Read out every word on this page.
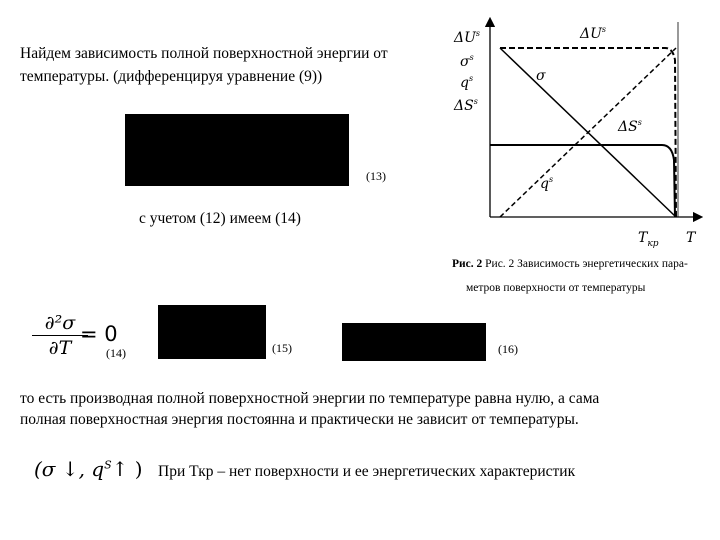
Найдем зависимость полной поверхностной энергии от
температуры. (дифференцируя уравнение (9))
(13)
с учетом (12) имеем (14)
Рис. 2 Рис. 2 Зависимость энергетических пара-
метров поверхности от температуры
∂²σ
∂T
= 0
(14)	(15)	(16)
то есть производная полной поверхностной энергии по температуре равна нулю, а сама
полная поверхностная энергия постоянна и практически не зависит от температуры.
(σ ↓, $q^S↑$ ) При Ткр – нет поверхности и ее энергетических характеристик
$\Delta U^s$
$\sigma^s$
$q^s$
$\Delta S^s$
$\Delta U^s$
σ
$\Delta S^s$
$q^s$
$T_{кр}$ T
